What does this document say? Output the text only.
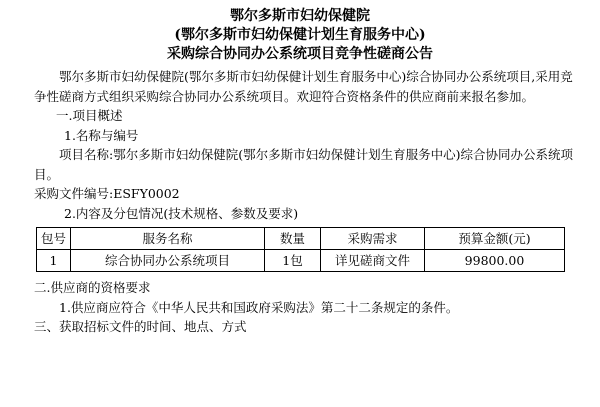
鄂尔多斯市妇幼保健院
(鄂尔多斯市妇幼保健计划生育服务中心)
采购综合协同办公系统项目竞争性磋商公告
鄂尔多斯市妇幼保健院(鄂尔多斯市妇幼保健计划生育服务中心)综合协同办公系统项目,采用竞争性磋商方式组织采购综合协同办公系统项目。欢迎符合资格条件的供应商前来报名参加。
一.项目概述
1.名称与编号
项目名称:鄂尔多斯市妇幼保健院(鄂尔多斯市妇幼保健计划生育服务中心)综合协同办公系统项目。
采购文件编号:ESFY0002
2.内容及分包情况(技术规格、参数及要求)
包号	服务名称	数量	采购需求	预算金额(元)
1	综合协同办公系统项目	1包	详见磋商文件	99800.00
二.供应商的资格要求
1.供应商应符合《中华人民共和国政府采购法》第二十二条规定的条件。
三、获取招标文件的时间、地点、方式
